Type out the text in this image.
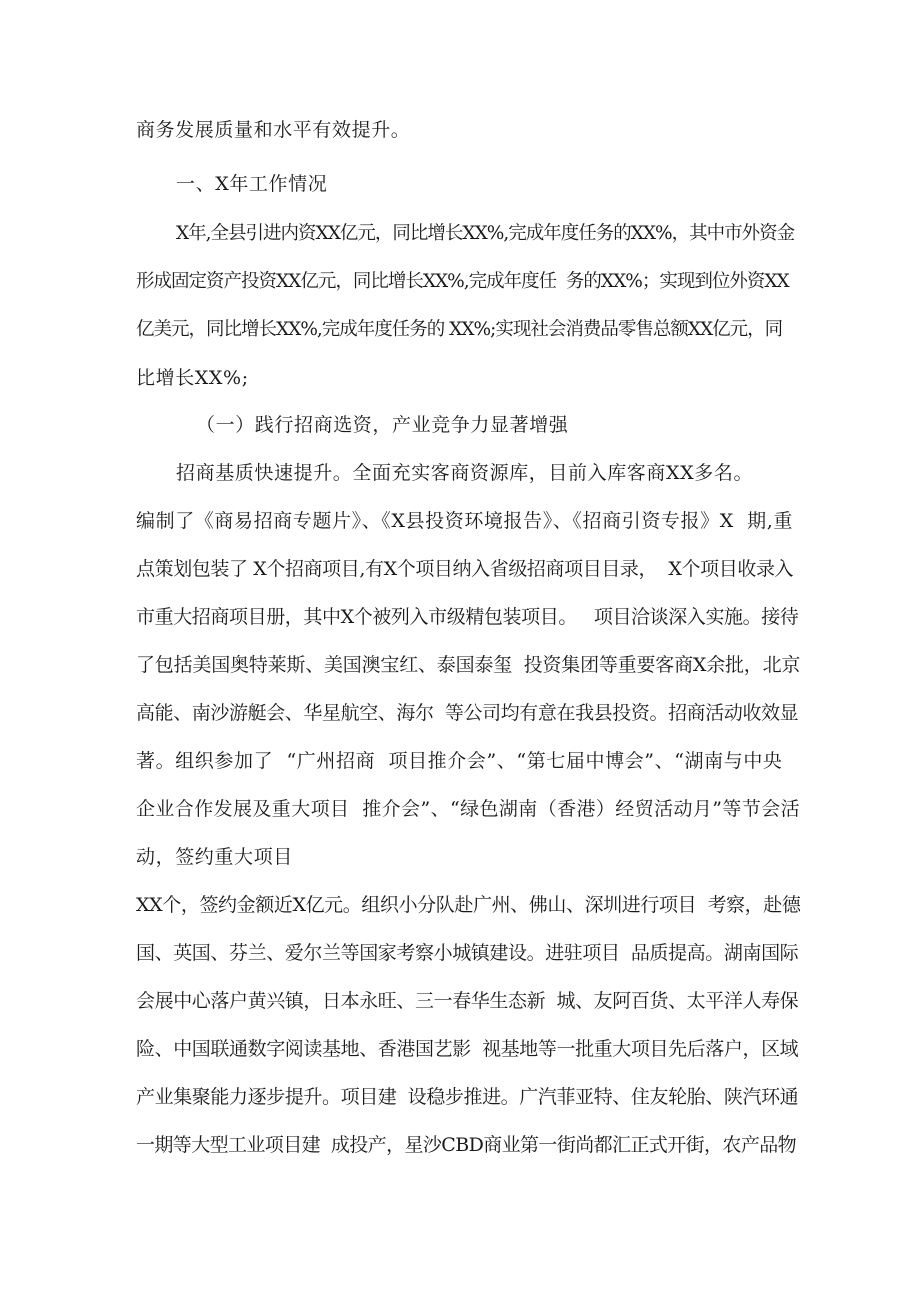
商务发展质量和水平有效提升。
一、X年工作情况
X年,全县引进内资XX亿元，同比增长XX%,完成年度任务的XX%，其中市外资金
形成固定资产投资XX亿元，同比增长XX%,完成年度任  务的XX%；实现到位外资XX
亿美元，同比增长XX%,完成年度任务的 XX%;实现社会消费品零售总额XX亿元，同
比增长XX%;
（一）践行招商选资，产业竞争力显著增强
招商基质快速提升。全面充实客商资源库，目前入库客商XX多名。
编制了《商易招商专题片》、《X县投资环境报告》、《招商引资专报》X  期,重
点策划包装了 X个招商项目,有X个项目纳入省级招商项目目录，  X个项目收录入
市重大招商项目册，其中X个被列入市级精包装项目。   项目洽谈深入实施。接待
了包括美国奥特莱斯、美国澳宝红、泰国泰玺  投资集团等重要客商X余批，北京
高能、南沙游艇会、华星航空、海尔  等公司均有意在我县投资。招商活动收效显
著。组织参加了  “广州招商  项目推介会”、“第七届中博会”、“湖南与中央
企业合作发展及重大项目  推介会”、“绿色湖南（香港）经贸活动月”等节会活
动，签约重大项目
XX个，签约金额近X亿元。组织小分队赴广州、佛山、深圳进行项目  考察，赴德
国、英国、芬兰、爱尔兰等国家考察小城镇建设。进驻项目  品质提高。湖南国际
会展中心落户黄兴镇，日本永旺、三一春华生态新  城、友阿百货、太平洋人寿保
险、中国联通数字阅读基地、香港国艺影  视基地等一批重大项目先后落户，区域
产业集聚能力逐步提升。项目建  设稳步推进。广汽菲亚特、住友轮胎、陕汽环通
一期等大型工业项目建  成投产，星沙CBD商业第一街尚都汇正式开街，农产品物
